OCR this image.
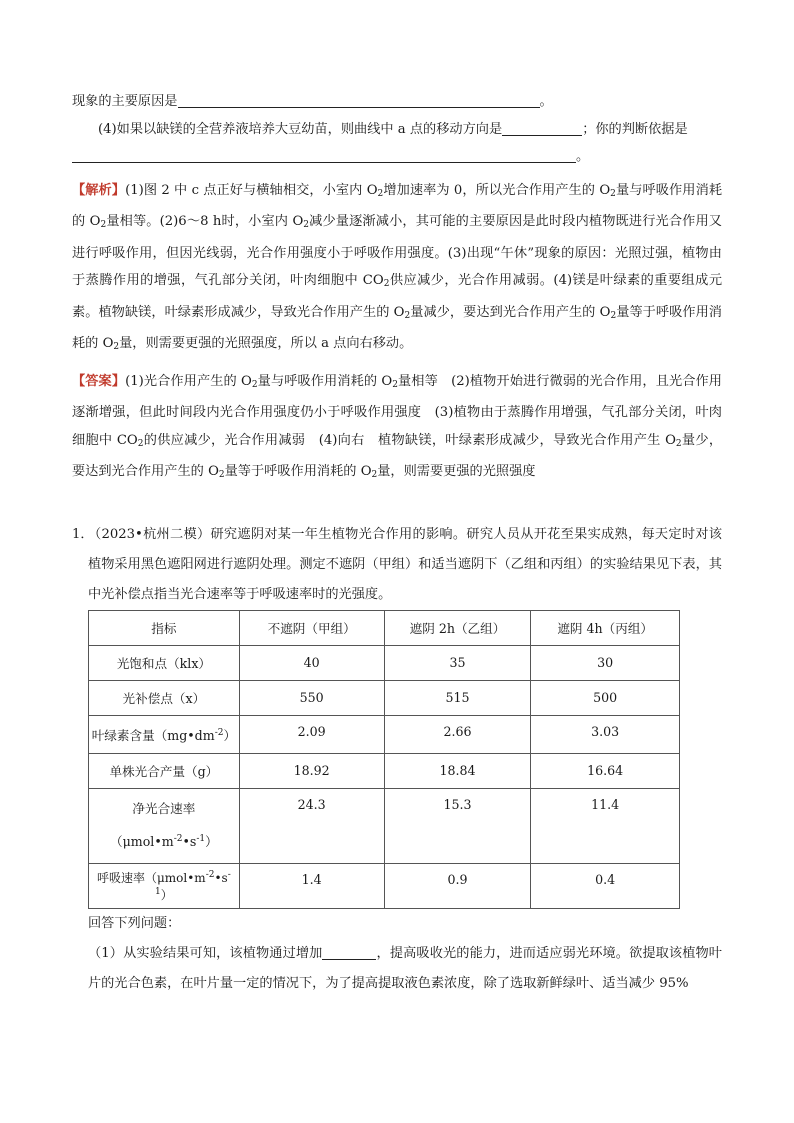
现象的主要原因是	。

(4)如果以缺镁的全营养液培养大豆幼苗，则曲线中 a 点的移动方向是	；你的判断依据是

。

【解析】(1)图 2 中 c 点正好与横轴相交，小室内 $O_2$增加速率为 0，所以光合作用产生的 $O_2$量与呼吸作用消耗的 $O_2$量相等。(2)6～8 h时，小室内 $O_2$减少量逐渐减小，其可能的主要原因是此时段内植物既进行光合作用又进行呼吸作用，但因光线弱，光合作用强度小于呼吸作用强度。(3)出现“午休”现象的原因：光照过强，植物由于蒸腾作用的增强，气孔部分关闭，叶肉细胞中 $CO_2$供应减少，光合作用减弱。(4)镁是叶绿素的重要组成元素。植物缺镁，叶绿素形成减少，导致光合作用产生的 $O_2$量减少，要达到光合作用产生的 $O_2$量等于呼吸作用消耗的 $O_2$量，则需要更强的光照强度，所以 a 点向右移动。

【答案】(1)光合作用产生的 $O_2$量与呼吸作用消耗的 $O_2$量相等　(2)植物开始进行微弱的光合作用，且光合作用逐渐增强，但此时间段内光合作用强度仍小于呼吸作用强度　(3)植物由于蒸腾作用增强，气孔部分关闭，叶肉细胞中 $CO_2$的供应减少，光合作用减弱　(4)向右　植物缺镁，叶绿素形成减少，导致光合作用产生 $O_2$量少，要达到光合作用产生的 $O_2$量等于呼吸作用消耗的 $O_2$量，则需要更强的光照强度

1．
（2023•杭州二模）研究遮阴对某一年生植物光合作用的影响。研究人员从开花至果实成熟，每天定时对该植物采用黑色遮阳网进行遮阴处理。测定不遮阴（甲组）和适当遮阴下（乙组和丙组）的实验结果见下表，其中光补偿点指当光合速率等于呼吸速率时的光强度。
指标	不遮阴（甲组）	遮阴 2h（乙组）	遮阴 4h（丙组）
光饱和点（klx）	40	35	30
光补偿点（x）	550	515	500
叶绿素含量$(mg•dm^{-2})$	2.09	2.66	3.03
单株光合产量（g）	18.92	18.84	16.64

净光合速率
$(\mu mol•m^{-2}•s^{-1})$	24.3	15.3	11.4
呼吸速率$(\mu mol•m^{-2}•s^{-1})$	1.4	0.9	0.4

回答下列问题：

（1）从实验结果可知，该植物通过增加	，提高吸收光的能力，进而适应弱光环境。欲提取该植物叶片的光合色素，在叶片量一定的情况下，为了提高提取液色素浓度，除了选取新鲜绿叶、适当减少 95%
